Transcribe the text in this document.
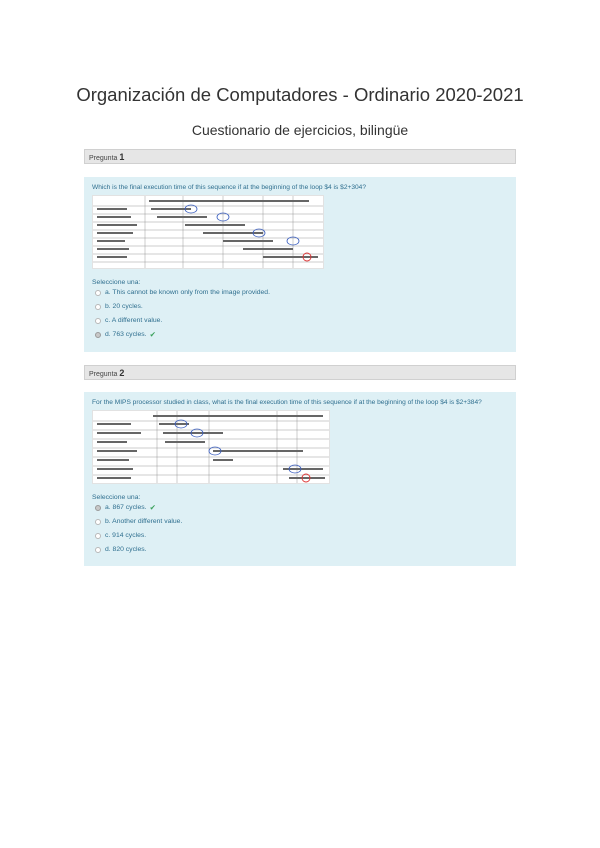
Organización de Computadores - Ordinario 2020-2021
Cuestionario de ejercicios, bilingüe
Pregunta 1
Which is the final execution time of this sequence if at the beginning of the loop $4 is $2+304?
Seleccione una:
a. This cannot be known only from the image provided.
b. 20 cycles.
c. A different value.
d. 763 cycles. ✔
Pregunta 2
For the MIPS processor studied in class, what is the final execution time of this sequence if at the beginning of the loop $4 is $2+384?
Seleccione una:
a. 867 cycles. ✔
b. Another different value.
c. 914 cycles.
d. 820 cycles.
